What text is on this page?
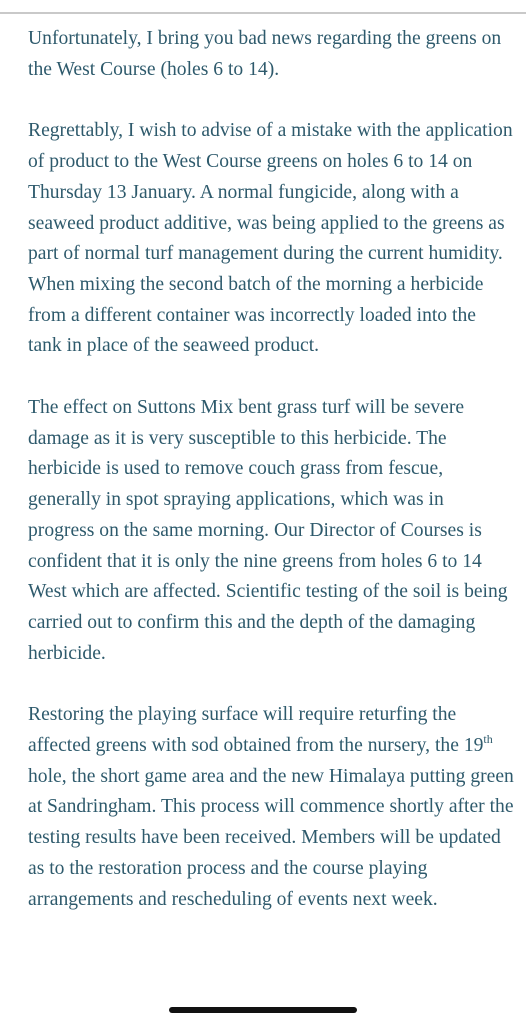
Unfortunately, I bring you bad news regarding the greens on the West Course (holes 6 to 14).

Regrettably, I wish to advise of a mistake with the application of product to the West Course greens on holes 6 to 14 on Thursday 13 January. A normal fungicide, along with a seaweed product additive, was being applied to the greens as part of normal turf management during the current humidity. When mixing the second batch of the morning a herbicide from a different container was incorrectly loaded into the tank in place of the seaweed product.

The effect on Suttons Mix bent grass turf will be severe damage as it is very susceptible to this herbicide. The herbicide is used to remove couch grass from fescue, generally in spot spraying applications, which was in progress on the same morning. Our Director of Courses is confident that it is only the nine greens from holes 6 to 14 West which are affected. Scientific testing of the soil is being carried out to confirm this and the depth of the damaging herbicide.

Restoring the playing surface will require returfing the affected greens with sod obtained from the nursery, the 19th hole, the short game area and the new Himalaya putting green at Sandringham. This process will commence shortly after the testing results have been received. Members will be updated as to the restoration process and the course playing arrangements and rescheduling of events next week.
